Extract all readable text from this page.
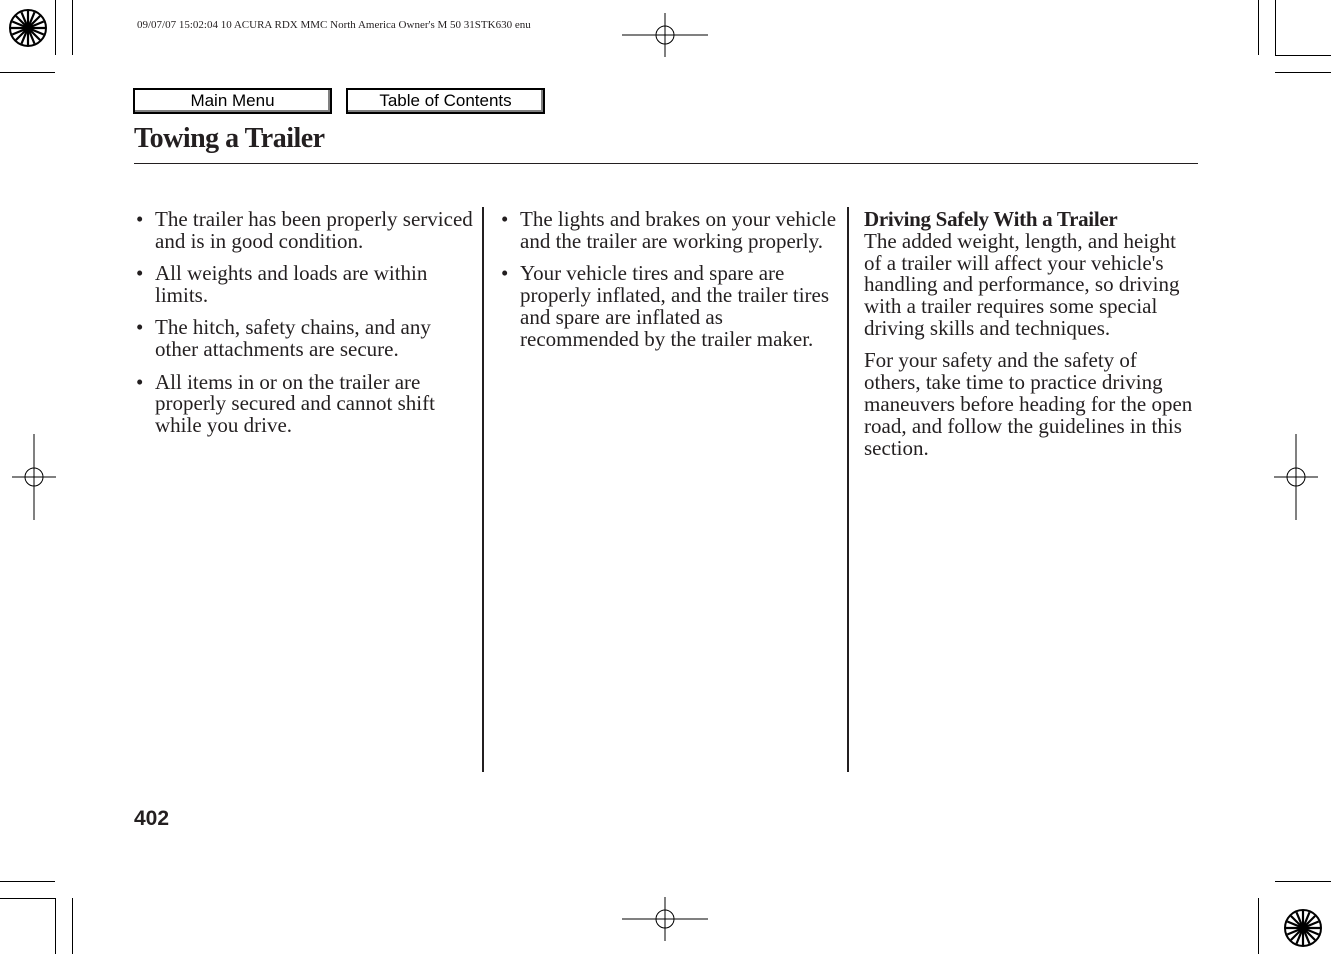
09/07/07 15:02:04 10 ACURA RDX MMC North America Owner's M 50 31STK630 enu
Main Menu	Table of Contents
Towing a Trailer
• The trailer has been properly serviced and is in good condition.
• All weights and loads are within limits.
• The hitch, safety chains, and any other attachments are secure.
• All items in or on the trailer are properly secured and cannot shift while you drive.
• The lights and brakes on your vehicle and the trailer are working properly.
• Your vehicle tires and spare are properly inflated, and the trailer tires and spare are inflated as recommended by the trailer maker.
Driving Safely With a Trailer

The added weight, length, and height of a trailer will affect your vehicle's handling and performance, so driving with a trailer requires some special driving skills and techniques.

For your safety and the safety of others, take time to practice driving maneuvers before heading for the open road, and follow the guidelines in this section.

402
